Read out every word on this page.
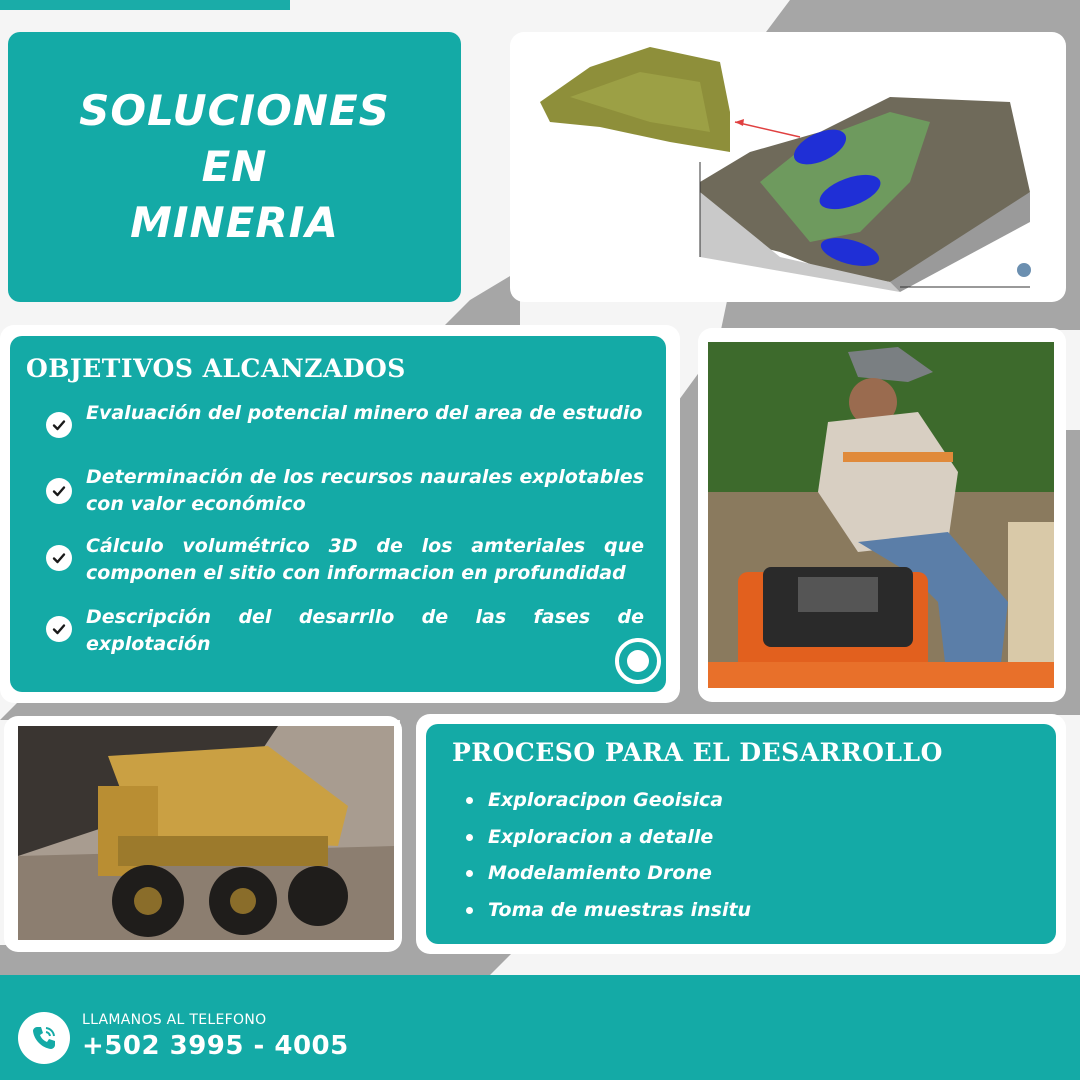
SOLUCIONES EN
MINERIA
OBJETIVOS ALCANZADOS
Evaluación del potencial minero del area de estudio
Determinación de los recursos naurales explotables con valor económico
Cálculo volumétrico 3D de los amteriales que componen el sitio con informacion en profundidad
Descripción del desarrllo de las fases de explotación
PROCESO PARA EL DESARROLLO
Exploracipon Geoisica
Exploracion a detalle
Modelamiento Drone
Toma de muestras insitu
LLAMANOS AL TELEFONO
+502 3995 - 4005
